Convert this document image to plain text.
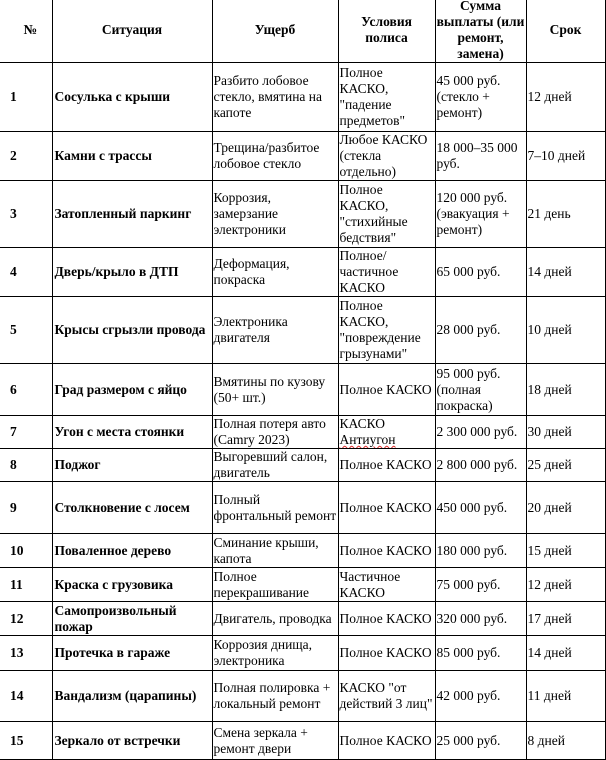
№	Ситуация	Ущерб	Условия полиса	Сумма выплаты (или ремонт, замена)	Срок
1	Сосулька с крыши	Разбито лобовое стекло, вмятина на капоте	Полное КАСКО, "падение предметов"	45 000 руб. (стекло + ремонт)	12 дней
2	Камни с трассы	Трещина/разбитое лобовое стекло	Любое КАСКО (стекла отдельно)	18 000–35 000 руб.	7–10 дней
3	Затопленный паркинг	Коррозия, замерзание электроники	Полное КАСКО, "стихийные бедствия"	120 000 руб. (эвакуация + ремонт)	21 день
4	Дверь/крыло в ДТП	Деформация, покраска	Полное/частичное КАСКО	65 000 руб.	14 дней
5	Крысы сгрызли провода	Электроника двигателя	Полное КАСКО, "повреждение грызунами"	28 000 руб.	10 дней
6	Град размером с яйцо	Вмятины по кузову (50+ шт.)	Полное КАСКО	95 000 руб. (полная покраска)	18 дней
7	Угон с места стоянки	Полная потеря авто (Camry 2023)	КАСКО Антиугон	2 300 000 руб.	30 дней
8	Поджог	Выгоревший салон, двигатель	Полное КАСКО	2 800 000 руб.	25 дней
9	Столкновение с лосем	Полный фронтальный ремонт	Полное КАСКО	450 000 руб.	20 дней
10	Поваленное дерево	Сминание крыши, капота	Полное КАСКО	180 000 руб.	15 дней
11	Краска с грузовика	Полное перекрашивание	Частичное КАСКО	75 000 руб.	12 дней
12	Самопроизвольный пожар	Двигатель, проводка	Полное КАСКО	320 000 руб.	17 дней
13	Протечка в гараже	Коррозия днища, электроника	Полное КАСКО	85 000 руб.	14 дней
14	Вандализм (царапины)	Полная полировка + локальный ремонт	КАСКО "от действий 3 лиц"	42 000 руб.	11 дней
15	Зеркало от встречки	Смена зеркала + ремонт двери	Полное КАСКО	25 000 руб.	8 дней
